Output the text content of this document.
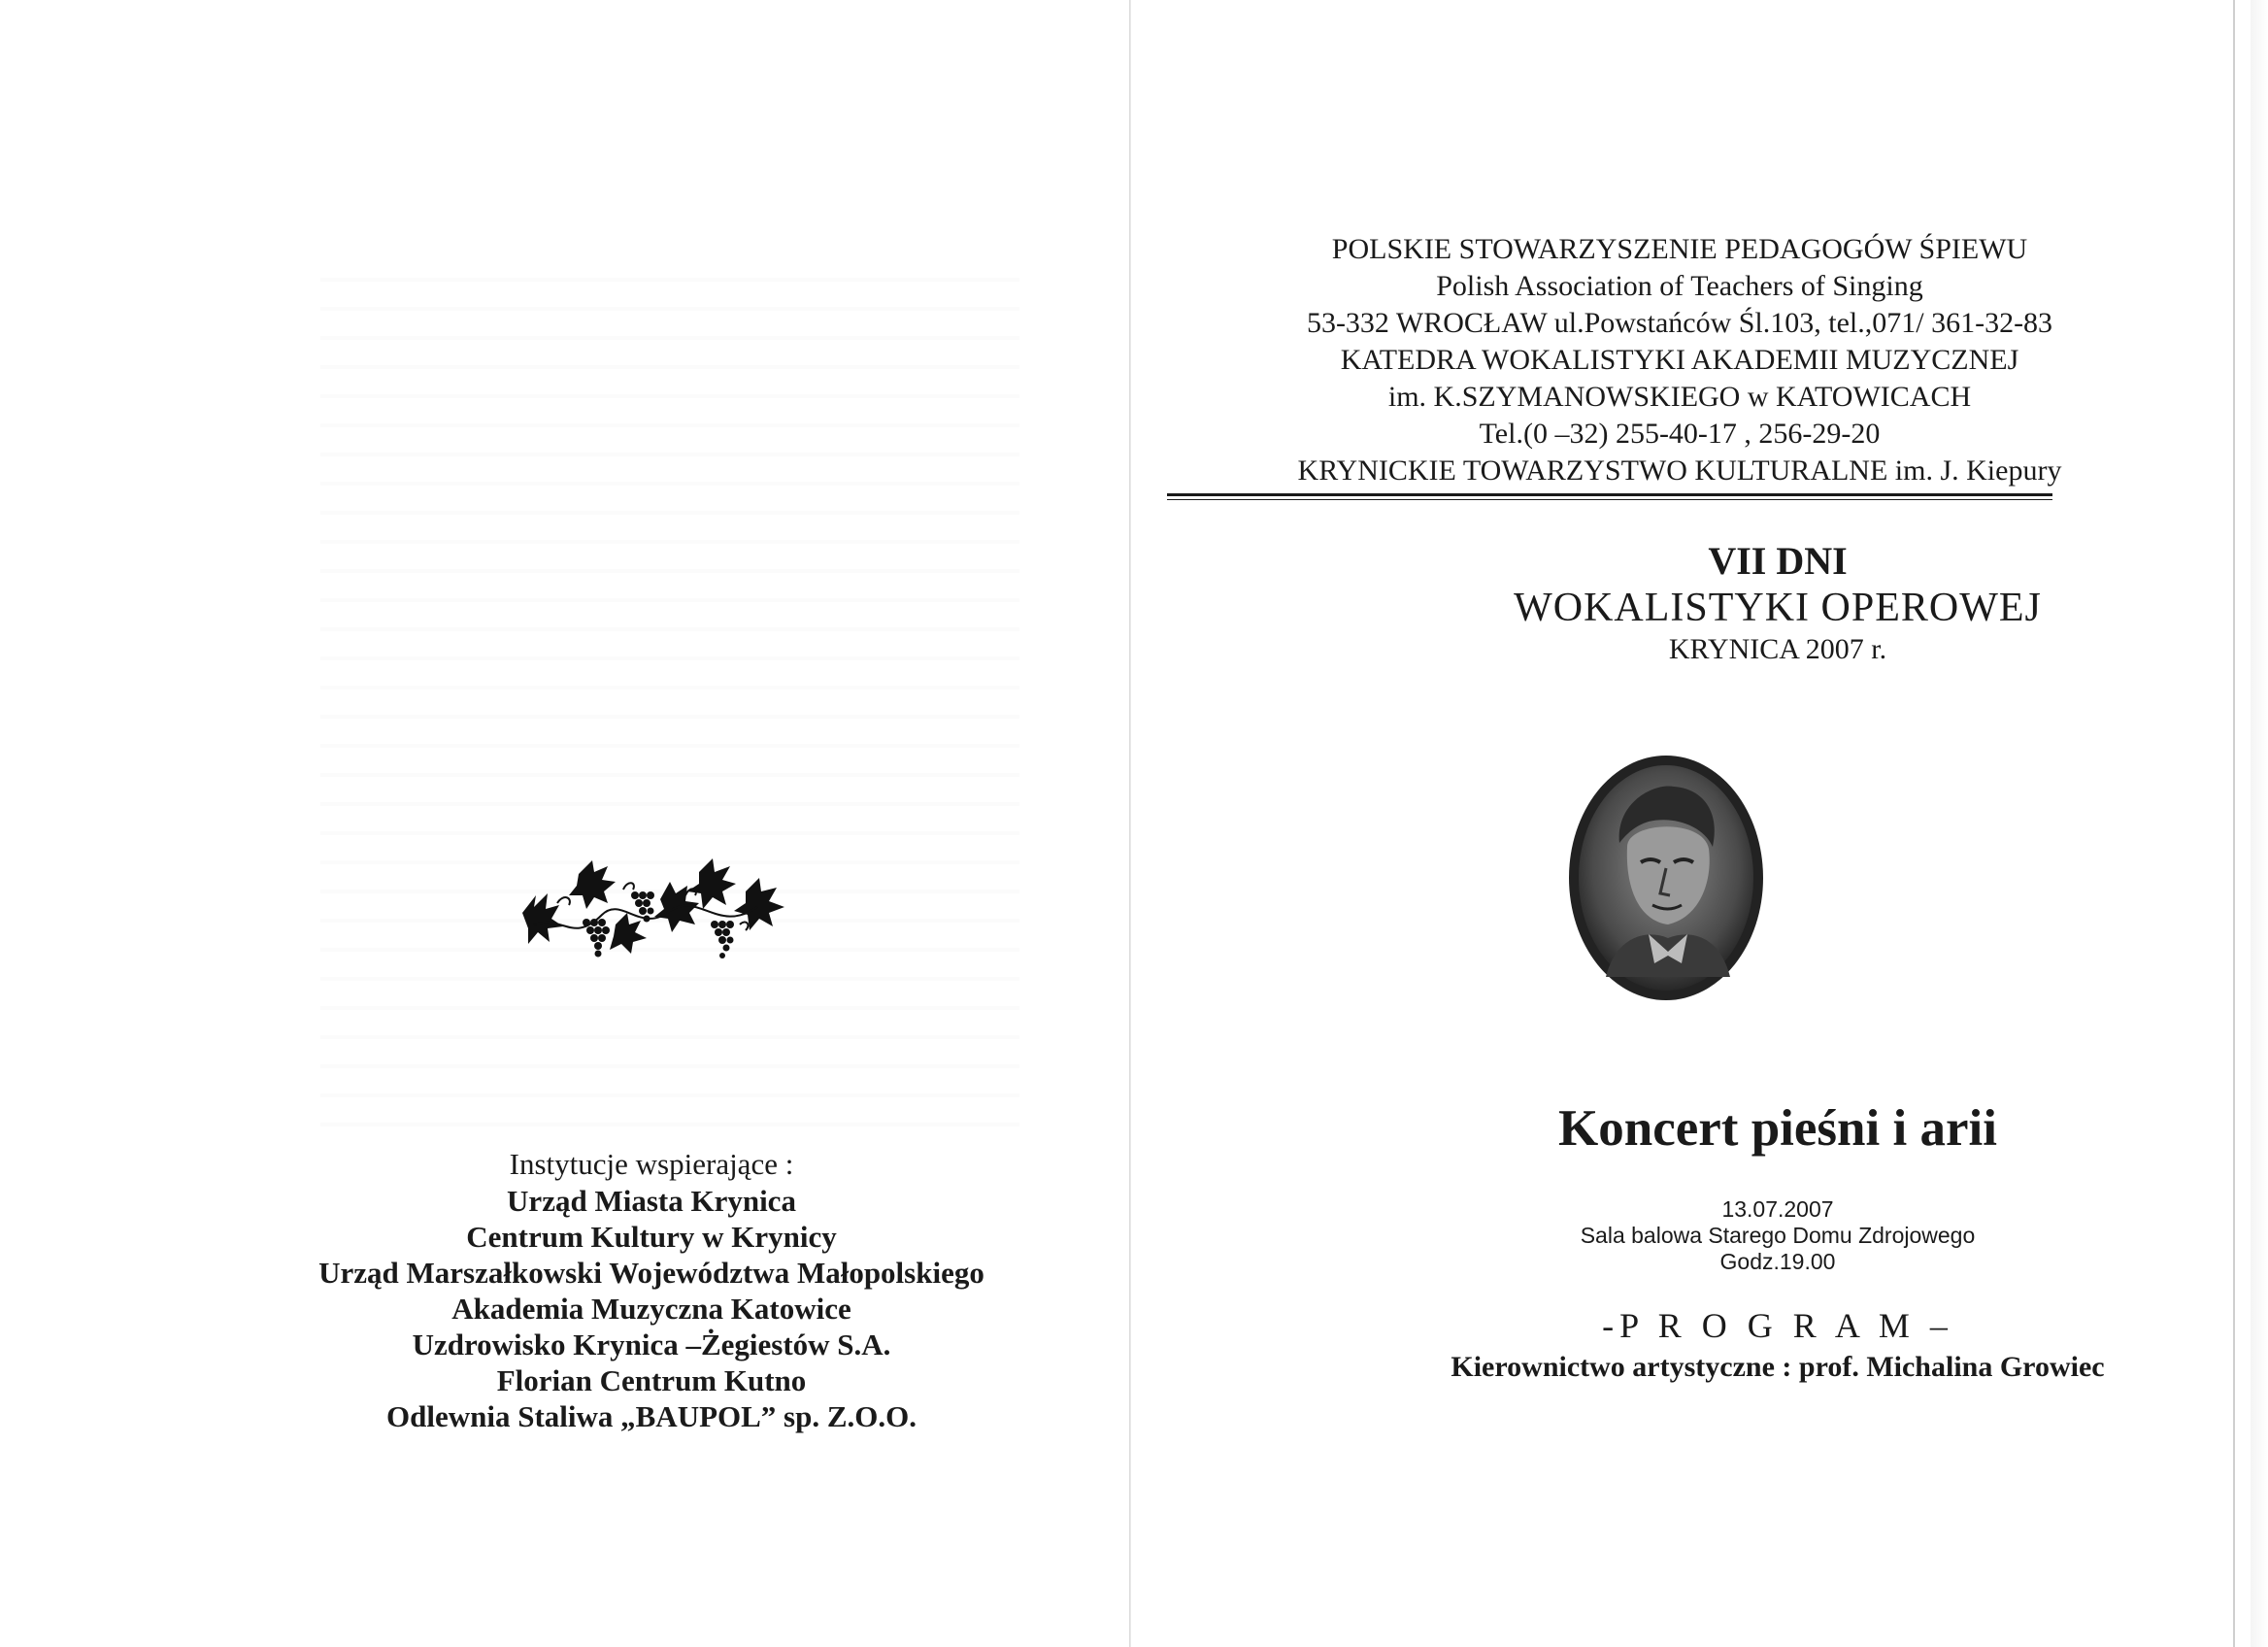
Instytucje wspierające :

Urząd Miasta Krynica
Centrum Kultury w Krynicy
Urząd Marszałkowski Województwa Małopolskiego
Akademia Muzyczna Katowice
Uzdrowisko Krynica –Żegiestów S.A.
Florian Centrum Kutno
Odlewnia Staliwa „BAUPOL” sp. Z.O.O.
POLSKIE STOWARZYSZENIE PEDAGOGÓW ŚPIEWU
Polish Association of Teachers of Singing
53-332 WROCŁAW ul.Powstańców Śl.103, tel.,071/ 361-32-83
KATEDRA WOKALISTYKI AKADEMII MUZYCZNEJ
im. K.SZYMANOWSKIEGO w KATOWICACH
Tel.(0 –32) 255-40-17 , 256-29-20
KRYNICKIE TOWARZYSTWO KULTURALNE im. J. Kiepury
VII DNI
WOKALISTYKI OPEROWEJ
KRYNICA 2007 r.

Koncert pieśni i arii

13.07.2007
Sala balowa Starego Domu Zdrojowego
Godz.19.00
-P R O G R A M –
Kierownictwo artystyczne : prof. Michalina Growiec
